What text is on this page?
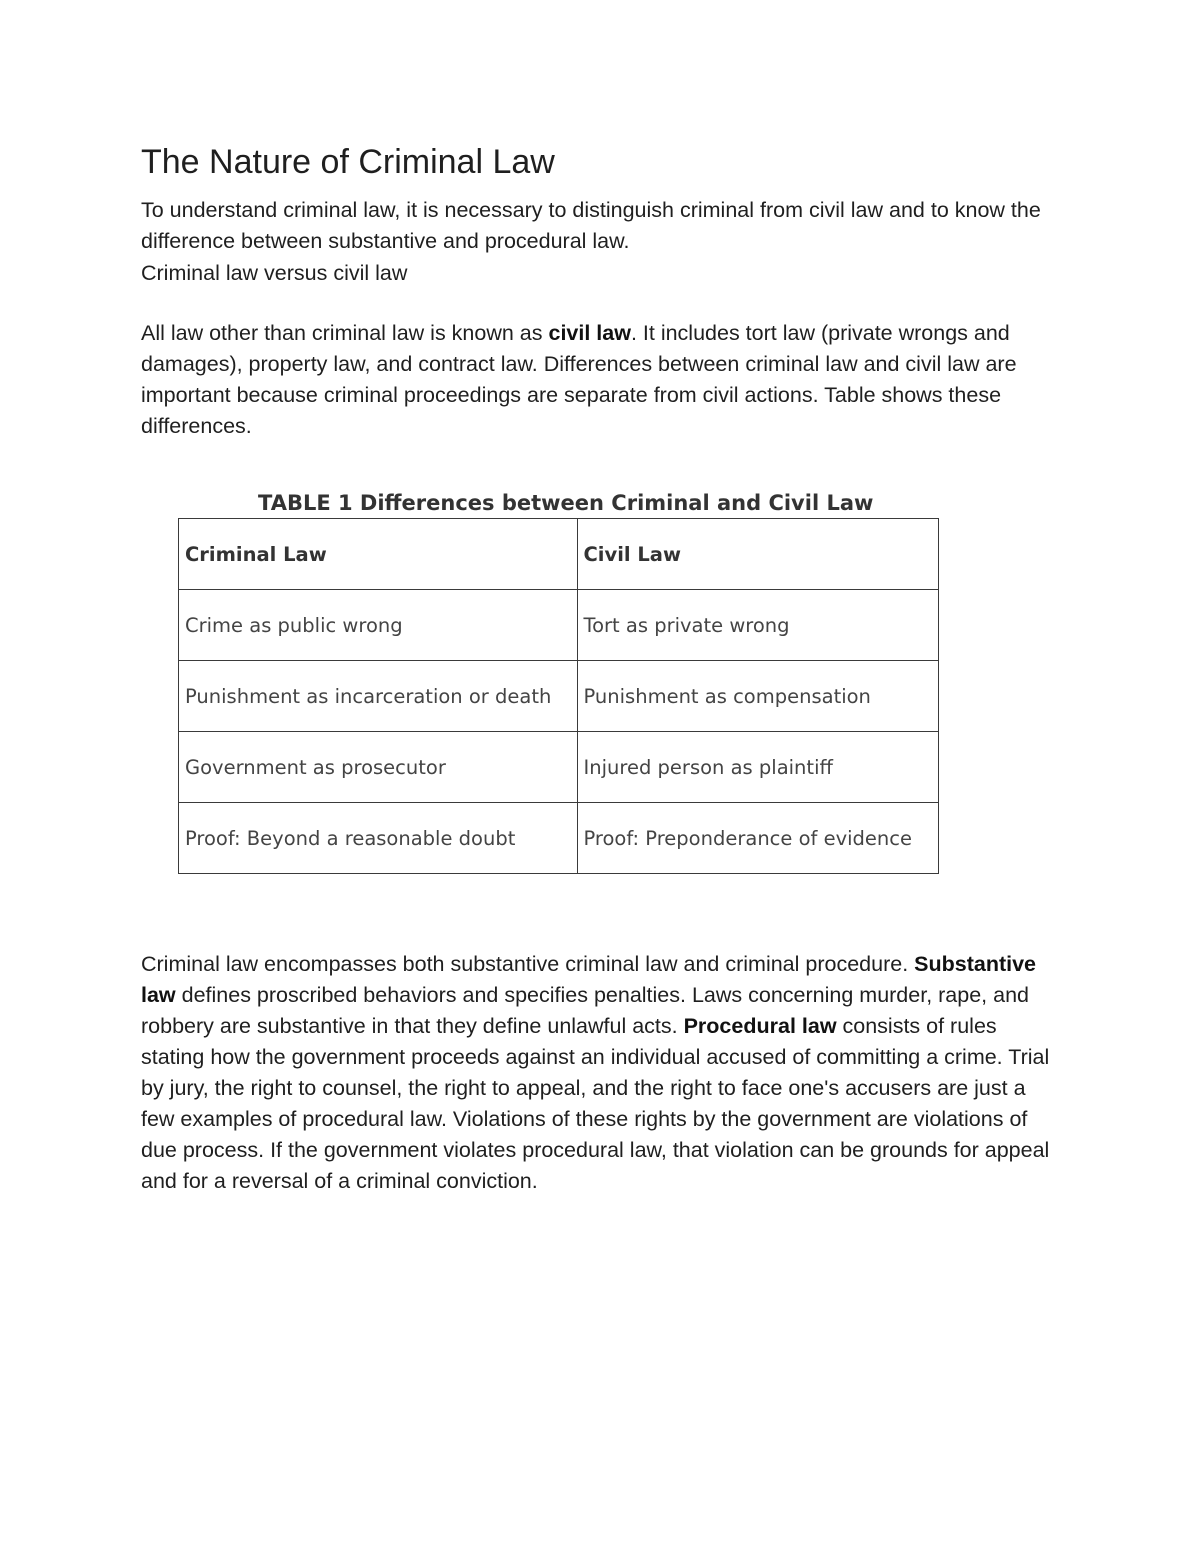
The Nature of Criminal Law

To understand criminal law, it is necessary to distinguish criminal from civil law and to know the difference between substantive and procedural law.

Criminal law versus civil law

All law other than criminal law is known as civil law. It includes tort law (private wrongs and damages), property law, and contract law. Differences between criminal law and civil law are important because criminal proceedings are separate from civil actions. Table shows these differences.

Criminal law encompasses both substantive criminal law and criminal procedure. Substantive law defines proscribed behaviors and specifies penalties. Laws concerning murder, rape, and robbery are substantive in that they define unlawful acts. Procedural law consists of rules stating how the government proceeds against an individual accused of committing a crime. Trial by jury, the right to counsel, the right to appeal, and the right to face one's accusers are just a few examples of procedural law. Violations of these rights by the government are violations of due process. If the government violates procedural law, that violation can be grounds for appeal and for a reversal of a criminal conviction.

TABLE 1 Differences between Criminal and Civil Law
Criminal Law	Civil Law
Crime as public wrong	Tort as private wrong
Punishment as incarceration or death	Punishment as compensation
Government as prosecutor	Injured person as plaintiff
Proof: Beyond a reasonable doubt	Proof: Preponderance of evidence
